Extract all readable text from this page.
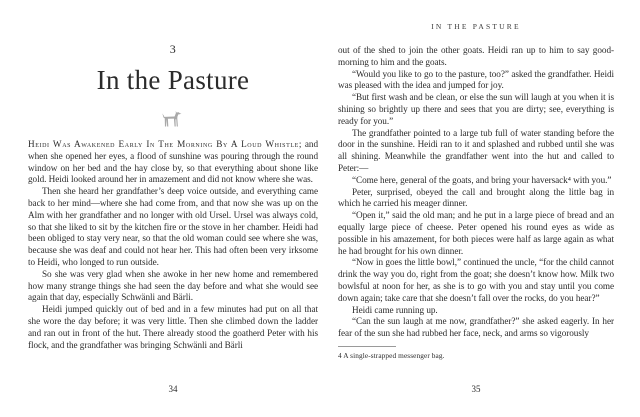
3
In the Pasture

Heidi Was Awakened Early In The Morning By A Loud Whistle; and when she opened her eyes, a flood of sunshine was pouring through the round window on her bed and the hay close by, so that everything about shone like gold. Heidi looked around her in amazement and did not know where she was.

Then she heard her grandfather’s deep voice outside, and everything came back to her mind—where she had come from, and that now she was up on the Alm with her grandfather and no longer with old Ursel. Ursel was always cold, so that she liked to sit by the kitchen fire or the stove in her chamber. Heidi had been obliged to stay very near, so that the old woman could see where she was, because she was deaf and could not hear her. This had often been very irksome to Heidi, who longed to run outside.

So she was very glad when she awoke in her new home and remembered how many strange things she had seen the day before and what she would see again that day, especially Schwänli and Bärli.

Heidi jumped quickly out of bed and in a few minutes had put on all that she wore the day before; it was very little. Then she climbed down the ladder and ran out in front of the hut. There already stood the goatherd Peter with his flock, and the grandfather was bringing Schwänli and Bärli

34
IN THE PASTURE

out of the shed to join the other goats. Heidi ran up to him to say good-morning to him and the goats.

“Would you like to go to the pasture, too?” asked the grandfather. Heidi was pleased with the idea and jumped for joy.

“But first wash and be clean, or else the sun will laugh at you when it is shining so brightly up there and sees that you are dirty; see, everything is ready for you.”

The grandfather pointed to a large tub full of water standing before the door in the sunshine. Heidi ran to it and splashed and rubbed until she was all shining. Meanwhile the grandfather went into the hut and called to Peter:—

“Come here, general of the goats, and bring your haversack⁴ with you.”

Peter, surprised, obeyed the call and brought along the little bag in which he carried his meager dinner.

“Open it,” said the old man; and he put in a large piece of bread and an equally large piece of cheese. Peter opened his round eyes as wide as possible in his amazement, for both pieces were half as large again as what he had brought for his own dinner.

“Now in goes the little bowl,” continued the uncle, “for the child cannot drink the way you do, right from the goat; she doesn’t know how. Milk two bowlsful at noon for her, as she is to go with you and stay until you come down again; take care that she doesn’t fall over the rocks, do you hear?”

Heidi came running up.

“Can the sun laugh at me now, grandfather?” she asked eagerly. In her fear of the sun she had rubbed her face, neck, and arms so vigorously

4 A single-strapped messenger bag.
35
